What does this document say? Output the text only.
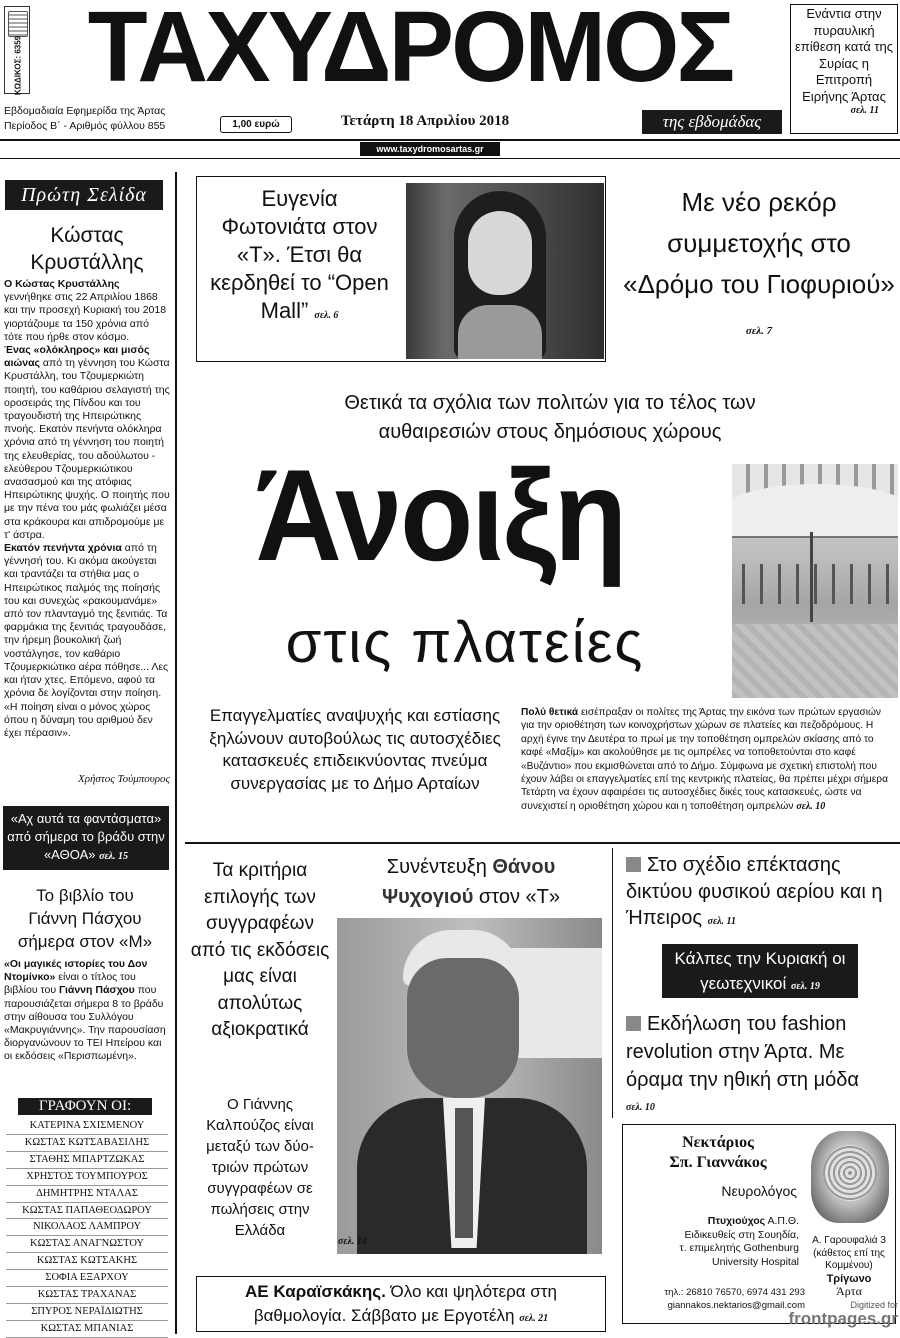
ΚΩΔΙΚΟΣ: 6359 ΤΑΧΥΔΡΟΜΟΣ	Ενάντια στην πυραυλική επίθεση κατά της Συρίας η Επιτροπή Ειρήνης Άρτας
σελ. 11
Εβδομαδιαία Εφημερίδα της Άρτας
Περίοδος Β΄ - Αριθμός φύλλου 855	1,00 ευρώ	Τετάρτη 18 Απριλίου 2018	της εβδομάδας
www.taxydromosartas.gr
Πρώτη Σελίδα
Κώστας Κρυστάλλης

Ο Κώστας Κρυστάλλης γεννήθηκε στις 22 Απριλίου 1868 και την προσεχή Κυριακή του 2018 γιορτάζουμε τα 150 χρόνια από τότε που ήρθε στον κόσμο.

Ένας «ολόκληρος» και μισός αιώνας από τη γέννηση του Κώστα Κρυστάλλη, του Τζουμερκιώτη ποιητή, του καθάριου σελαγιστή της οροσειράς της Πίνδου και του τραγουδιστή της Ηπειρώτικης πνοής. Εκατόν πενήντα ολόκληρα χρόνια από τη γέννηση του ποιητή της ελευθερίας, του αδούλωτου - ελεύθερου Τζουμερκιώτικου ανασασμού και της ατόφιας Ηπειρώτικης ψυχής. Ο ποιητής που με την πένα του μάς φωλιάζει μέσα στα κράκουρα και απιδρομούμε με τ' άστρα.

Εκατόν πενήντα χρόνια από τη γέννησή του. Κι ακόμα ακούγεται και τραντάζει τα στήθια μας ο Ηπειρώτικος παλμός της ποίησής του και συνεχώς «ρακουμανάμε» από τον πλανταγμό της ξενιτιάς. Τα φαρμάκια της ξενιτιάς τραγουδάσε, την ήρεμη βουκολική ζωή νοστάλγησε, τον καθάριο Τζουμερκιώτικο αέρα πόθησε... Λες και ήταν χτες. Επόμενο, αφού τα χρόνια δε λογίζονται στην ποίηση. «Η ποίηση είναι ο μόνος χώρος όπου η δύναμη του αριθμού δεν έχει πέρασιν».

Χρήστος Τούμπουρος
«Αχ αυτά τα φαντάσματα» από σήμερα το βράδυ στην «ΑΘΟΑ» σελ. 15
Το βιβλίο του Γιάννη Πάσχου σήμερα στον «Μ»
«Οι μαγικές ιστορίες του Δον Ντομίνκο» είναι ο τίτλος του βιβλίου του Γιάννη Πάσχου που παρουσιάζεται σήμερα 8 το βράδυ στην αίθουσα του Συλλόγου «Μακρυγιάννης». Την παρουσίαση διοργανώνουν το ΤΕΙ Ηπείρου και οι εκδόσεις «Περισπωμένη».
ΓΡΑΦΟΥΝ ΟΙ:
ΚΑΤΕΡΙΝΑ ΣΧΙΣΜΕΝΟΥ
ΚΩΣΤΑΣ ΚΩΤΣΑΒΑΣΙΛΗΣ
ΣΤΑΘΗΣ ΜΠΑΡΤΖΩΚΑΣ
ΧΡΗΣΤΟΣ ΤΟΥΜΠΟΥΡΟΣ
ΔΗΜΗΤΡΗΣ ΝΤΑΛΑΣ
ΚΩΣΤΑΣ ΠΑΠΑΘΕΟΔΩΡΟΥ
ΝΙΚΟΛΑΟΣ ΛΑΜΠΡΟΥ
ΚΩΣΤΑΣ ΑΝΑΓΝΩΣΤΟΥ
ΚΩΣΤΑΣ ΚΩΤΣΑΚΗΣ
ΣΟΦΙΑ ΕΞΑΡΧΟΥ
ΚΩΣΤΑΣ ΤΡΑΧΑΝΑΣ
ΣΠΥΡΟΣ ΝΕΡΑΪΔΙΩΤΗΣ
ΚΩΣΤΑΣ ΜΠΑΝΙΑΣ
Ευγενία Φωτονιάτα στον «Τ». Έτσι θα κερδηθεί το “Open Mall” σελ. 6
Με νέο ρεκόρ συμμετοχής στο «Δρόμο του Γιοφυριού» σελ. 7
Θετικά τα σχόλια των πολιτών για το τέλος των αυθαιρεσιών στους δημόσιους χώρους
Άνοιξη
στις πλατείες
Επαγγελματίες αναψυχής και εστίασης ξηλώνουν αυτοβούλως τις αυτοσχέδιες κατασκευές επιδεικνύοντας πνεύμα συνεργασίας με το Δήμο Αρταίων
Πολύ θετικά εισέπραξαν οι πολίτες της Άρτας την εικόνα των πρώτων εργασιών για την οριοθέτηση των κοινοχρήστων χώρων σε πλατείες και πεζοδρόμους. Η αρχή έγινε την Δευτέρα το πρωί με την τοποθέτηση ομπρελών σκίασης από το καφέ «Μαξίμ» και ακολούθησε με τις ομπρέλες να τοποθετούνται στο καφέ «Βυζάντιο» που εκμισθώνεται από το Δήμο. Σύμφωνα με σχετική επιστολή που έχουν λάβει οι επαγγελματίες επί της κεντρικής πλατείας, θα πρέπει μέχρι σήμερα Τετάρτη να έχουν αφαιρέσει τις αυτοσχέδιες δικές τους κατασκευές, ώστε να συνεχιστεί η οριοθέτηση χώρου και η τοποθέτηση ομπρελών σελ. 10
Τα κριτήρια επιλογής των συγγραφέων από τις εκδόσεις μας είναι απολύτως αξιοκρατικά
Ο Γιάννης Καλπούζος είναι μεταξύ των δύο-τριών πρώτων συγγραφέων σε πωλήσεις στην Ελλάδα
Συνέντευξη Θάνου Ψυχογιού στον «Τ»
σελ. 14
Στο σχέδιο επέκτασης δικτύου φυσικού αερίου και η Ήπειρος σελ. 11
Κάλπες την Κυριακή οι γεωτεχνικοί σελ. 19
Εκδήλωση του fashion revolution στην Άρτα. Με όραμα την ηθική στη μόδα
σελ. 10
Νεκτάριος
Σπ. Γιαννάκος
Νευρολόγος
Πτυχιούχος Α.Π.Θ.
Ειδικευθείς στη Σουηδία,
τ. επιμελητής Gothenburg
University Hospital
τηλ.: 26810 76570, 6974 431 293
giannakos.nektarios@gmail.com
Α. Γαρουφαλιά 3 (κάθετος επί της Κομμένου)
Τρίγωνο
Άρτα
ΑΕ Καραϊσκάκης. Όλο και ψηλότερα στη βαθμολογία. Σάββατο με Εργοτέλη σελ. 21
Digitized for
frontpages.gr
